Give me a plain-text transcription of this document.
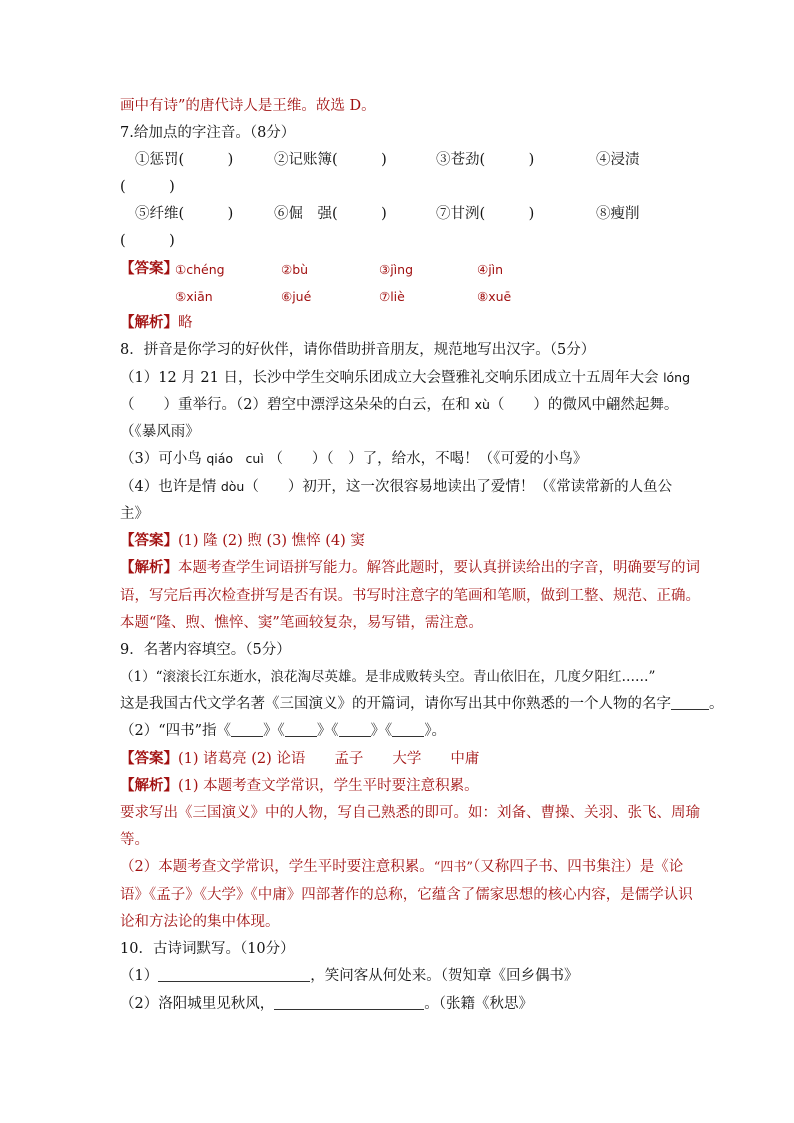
画中有诗”的唐代诗人是王维。故选 D。
7.给加点的字注音。（8分）
①惩罚(　　　)	②记账簿(　　　)	③苍劲(　　　)	④浸渍
(　　　)
⑤纤维(　　　)	⑥倔　强(　　　)	⑦甘洌(　　　)	⑧瘦削
(　　　)
【答案】
①chéng	②bù	③jìng	④jìn
⑤xiān	⑥jué	⑦liè	⑧xuē
【解析】略
8．拼音是你学习的好伙伴，请你借助拼音朋友，规范地写出汉字。（5分）
（1）12 月 21 日，长沙中学生交响乐团成立大会暨雅礼交响乐团成立十五周年大会 lóng
（　　）重举行。（2）碧空中漂浮这朵朵的白云，在和 xù（　　）的微风中翩然起舞。
（《暴风雨》
（3）可小鸟 qiáo　cuì （　　）（　）了，给水，不喝！（《可爱的小鸟》
（4）也许是情 dòu（　　）初开，这一次很容易地读出了爱情！（《常读常新的人鱼公
主》
【答案】(1) 隆 (2) 煦 (3) 憔悴 (4) 窦
【解析】本题考查学生词语拼写能力。解答此题时，要认真拼读给出的字音，明确要写的词
语，写完后再次检查拼写是否有误。书写时注意字的笔画和笔顺，做到工整、规范、正确。
本题“隆、煦、憔悴、窦”笔画较复杂，易写错，需注意。
9．名著内容填空。（5分）
（1）“滚滚长江东逝水，浪花淘尽英雄。是非成败转头空。青山依旧在，几度夕阳红……”
这是我国古代文学名著《三国演义》的开篇词，请你写出其中你熟悉的一个人物的名字	。
（2）“四书”指《 》《 》《 》《 》。
【答案】(1) 诸葛亮 (2) 论语　　孟子　　大学　　中庸
【解析】(1) 本题考查文学常识，学生平时要注意积累。
要求写出《三国演义》中的人物，写自己熟悉的即可。如：刘备、曹操、关羽、张飞、周瑜
等。
（2）本题考查文学常识，学生平时要注意积累。“四书”（又称四子书、四书集注）是《论
语》《孟子》《大学》《中庸》四部著作的总称，它蕴含了儒家思想的核心内容，是儒学认识
论和方法论的集中体现。
10．古诗词默写。（10分）
（1）	，笑问客从何处来。（贺知章《回乡偶书》
（2）洛阳城里见秋风，	。（张籍《秋思》
